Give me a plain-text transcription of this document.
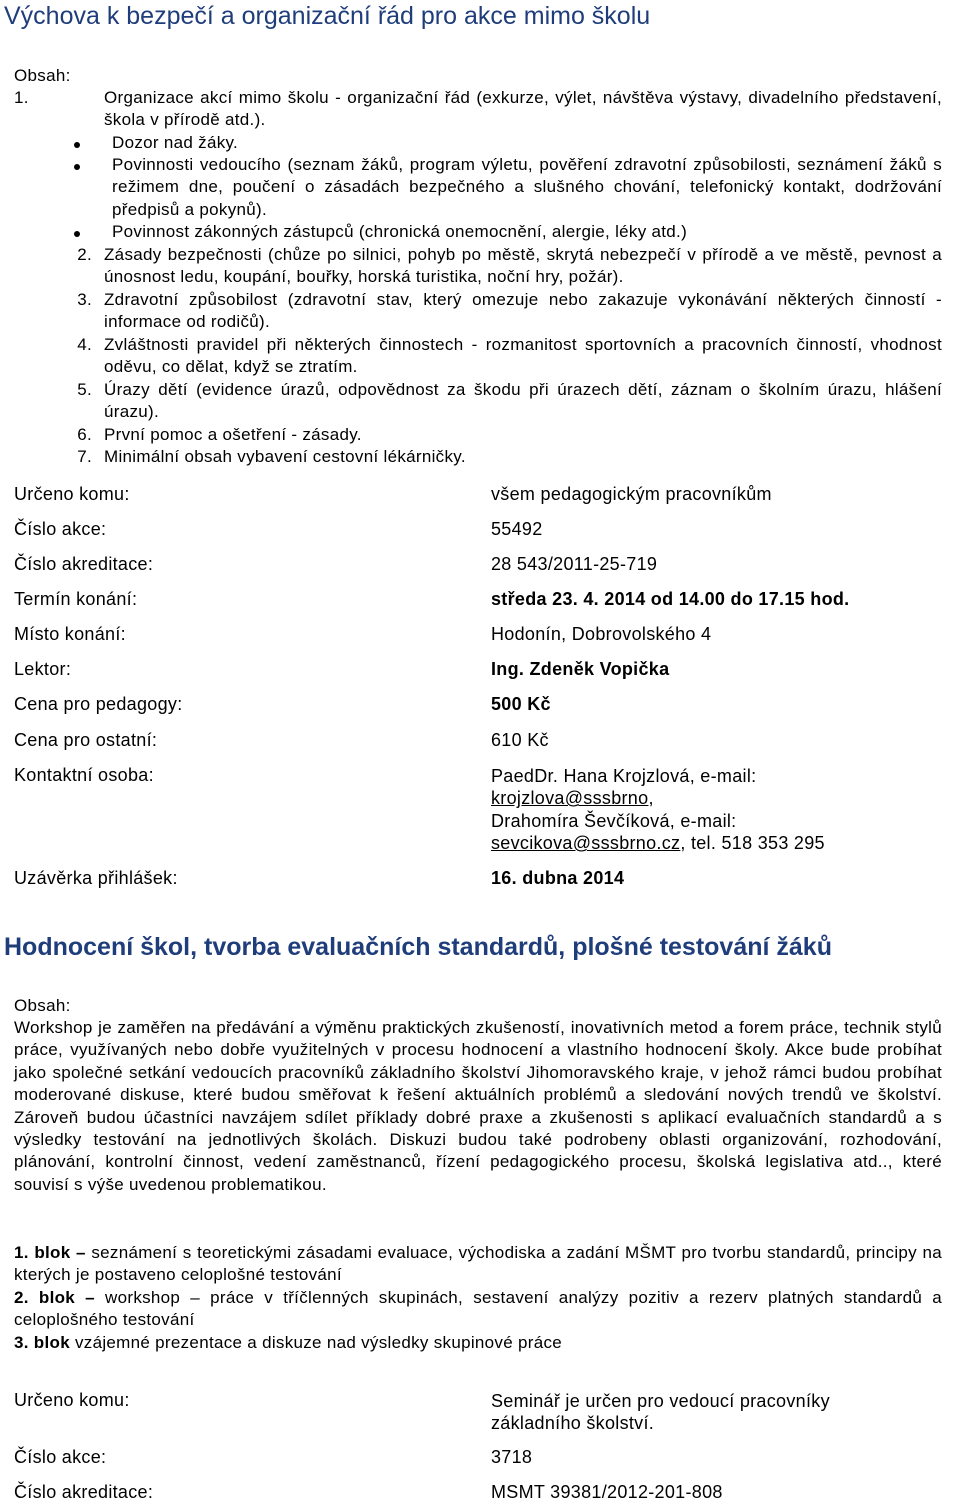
Výchova k bezpečí a organizační řád pro akce mimo školu
Obsah:
1.	Organizace akcí mimo školu - organizační řád (exkurze, výlet, návštěva výstavy, divadelního představení, škola v přírodě atd.).
Dozor nad žáky.
Povinnosti vedoucího (seznam žáků, program výletu, pověření zdravotní způsobilosti, seznámení žáků s režimem dne, poučení o zásadách bezpečného a slušného chování, telefonický kontakt, dodržování předpisů a pokynů).
Povinnost zákonných zástupců (chronická onemocnění, alergie, léky atd.)
2. Zásady bezpečnosti (chůze po silnici, pohyb po městě, skrytá nebezpečí v přírodě a ve městě, pevnost a únosnost ledu, koupání, bouřky, horská turistika, noční hry, požár).
3. Zdravotní způsobilost (zdravotní stav, který omezuje nebo zakazuje vykonávání některých činností - informace od rodičů).
4. Zvláštnosti pravidel při některých činnostech - rozmanitost sportovních a pracovních činností, vhodnost oděvu, co dělat, když se ztratím.
5. Úrazy dětí (evidence úrazů, odpovědnost za škodu při úrazech dětí, záznam o školním úrazu, hlášení úrazu).
6. První pomoc a ošetření - zásady.
7. Minimální obsah vybavení cestovní lékárničky.
Určeno komu:	všem pedagogickým pracovníkům
Číslo akce:	55492
Číslo akreditace:	28 543/2011-25-719
Termín konání:	středa 23. 4. 2014 od 14.00 do 17.15 hod.
Místo konání:	Hodonín, Dobrovolského 4
Lektor:	Ing. Zdeněk Vopička
Cena pro pedagogy:	500 Kč
Cena pro ostatní:	610 Kč
Kontaktní osoba:	PaedDr. Hana Krojzlová, e-mail:
krojzlova@sssbrno,
Drahomíra Ševčíková, e-mail:
sevcikova@sssbrno.cz, tel. 518 353 295
Uzávěrka přihlášek:	16. dubna 2014
Hodnocení škol, tvorba evaluačních standardů, plošné testování žáků
Obsah:
Workshop je zaměřen na předávání a výměnu praktických zkušeností, inovativních metod a forem práce, technik stylů práce, využívaných nebo dobře využitelných v procesu hodnocení a vlastního hodnocení školy. Akce bude probíhat jako společné setkání vedoucích pracovníků základního školství Jihomoravského kraje, v jehož rámci budou probíhat moderované diskuse, které budou směřovat k řešení aktuálních problémů a sledování nových trendů ve školství. Zároveň budou účastníci navzájem sdílet příklady dobré praxe a zkušenosti s aplikací evaluačních standardů a s výsledky testování na jednotlivých školách. Diskuzi budou také podrobeny oblasti organizování, rozhodování, plánování, kontrolní činnost, vedení zaměstnanců, řízení pedagogického procesu, školská legislativa atd.., které souvisí s výše uvedenou problematikou.
1. blok – seznámení s teoretickými zásadami evaluace, východiska a zadání MŠMT pro tvorbu standardů, principy na kterých je postaveno celoplošné testování
2. blok – workshop – práce v tříčlenných skupinách, sestavení analýzy pozitiv a rezerv platných standardů a celoplošného testování
3. blok vzájemné prezentace a diskuze nad výsledky skupinové práce
Určeno komu:	Seminář je určen pro vedoucí pracovníky základního školství.
Číslo akce:	3718
Číslo akreditace:	MSMT 39381/2012-201-808
